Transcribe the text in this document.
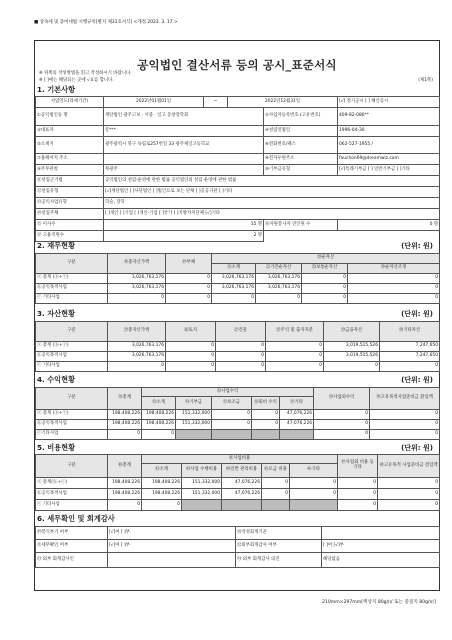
■ 상속세 및 증여세법 시행규칙[별지 제31호서식] <개정 2023. 3. 17.>
공익법인 결산서류 등의 공시_표준서식
※ 뒤쪽의 작성방법을 읽고 작성하시기 바랍니다.
※ [ ]에는 해당되는 곳에 √표를 합니다.	(제1쪽)
1. 기본사항
사업연도(과세기간)	2022년01월01일	~	2022년12월31일		[√] 정기공시 [ ] 해산공시
①공익법인등 명	재단법인 광주고보 · 서중 · 일고 동창장학회			②사업자등록번호 (고유번호)	409-82-086**
③대표자	문***			④설립연월일	1996-04-30
⑤소재지	광주광역시 북구 독립로257번길 33 광주제일고등학교			⑥전화번호/팩스	062-527-1955 /
⑦홈페이지 주소				⑧전자우편주소	fauchon69@dreamwiz.com
⑨주무관청	북광주			⑩기부금유형	[√]특례기부금 [ ] 일반기부금 [ ]기타
⑪설립근거법	공익법인의 설립·운영에 관한 법률 공익법인의 설립·운영에 관한 법률				
⑫설립유형	[√]재단법인 [ ]사단법인 [ ]법인으로 보는 단체 [ ]공공기관 [ ]기타				
⑬공익사업유형	학술, 장학				
⑭설립주체	[ ]개인 [ ]기업 [ ]개인·기업 [ ]국가 [ ]지방자치단체 [√]기타				
⑮ 이사수	15 명			⑯자원봉사자 연인원 수	0 명
⑰ 고용직원수	2 명				
2. 재무현황	(단위: 원)
구분	⑱총자산가액	⑲부채	⑳순자산			
			㉑소계	㉒기본순자산	㉓보통순자산	㉔순자산조정
ⓐ 총계 (ⓑ+ⓒ)	3,026,763,176	0	3,026,763,176	3,026,763,176	0	0
ⓑ공익목적사업	3,026,763,176	0	3,026,763,176	3,026,763,176	0	0
ⓒ 기타사업	0	0	0	0	0	0
3. 자산현황	(단위: 원)
구분	㉕총자산가액	㉖토지	㉗건물	㉘주식 및 출자지분	㉙금융자산	㉚기타자산
ⓐ 총계 (ⓑ+ⓒ)	3,026,763,176	0	0	0	3,019,515,526	7,247,650
ⓑ공익목적사업	3,026,763,176	0	0	0	3,019,515,526	7,247,650
ⓒ 기타사업	0	0	0	0	0	0
4. 수익현황	(단위: 원)
구분	㉛총계	㉜사업수익					㊳사업외수익	㊴고유목적사업준비금 환입액
		㉝소계	㉞기부금	㉟보조금	㊱회비 수익	㊲기타		
ⓐ 총계 (ⓑ+ⓒ)	198,408,226	198,408,226	151,332,000	0	0	47,076,226	0	0
ⓑ공익목적사업	198,408,226	198,408,226	151,332,000	0	0	47,076,226	0	0
ⓒ기타사업	0	0					0	0
5. 비용현황	(단위: 원)
구분	㊵총계	㊶사업비용					㊼사업외 비용 등 기타	㊽고유목적 사업준비금 전입액
		㊷소계	㊸사업 수행비용	㊹일반 관리비용	㊺모금 비용	㊻기타		
ⓐ 총계(ⓑ+ⓒ)	198,408,226	198,408,226	151,332,000	47,076,226	0	0	0	0
ⓑ공익목적사업	198,408,226	198,408,226	151,332,000	47,076,226	0	0	0	0
ⓒ 기타사업	0	0					0	0
6. 세무확인 및 회계감사
㊾복식부기 여부	[√]여 [ ]부	㊿작성회계기준	
㉛세무확인 여부	[√]여 [ ]부	㉜외부회계감사 여부	[ ]여 [√]부
㉝ 외부 회계감사인		㉞ 외부 회계감사 의견	해당없음
210mm×297mm[백상지 80g/㎡ 또는 중질지 80g/㎡]
